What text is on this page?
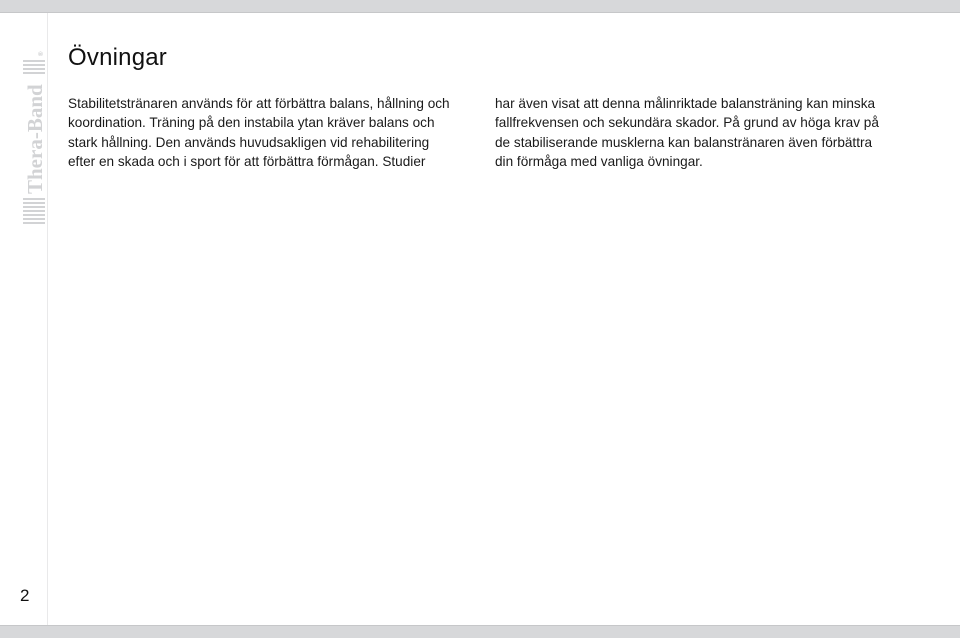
Thera-Band
® Övningar

Stabilitetstränaren används för att förbättra balans, hållning och
koordination. Träning på den instabila ytan kräver balans och
stark hållning. Den används huvudsakligen vid rehabilitering
efter en skada och i sport för att förbättra förmågan. Studier

har även visat att denna målinriktade balansträning kan minska
fallfrekvensen och sekundära skador. På grund av höga krav på
de stabiliserande musklerna kan balanstränaren även förbättra
din förmåga med vanliga övningar.

2
